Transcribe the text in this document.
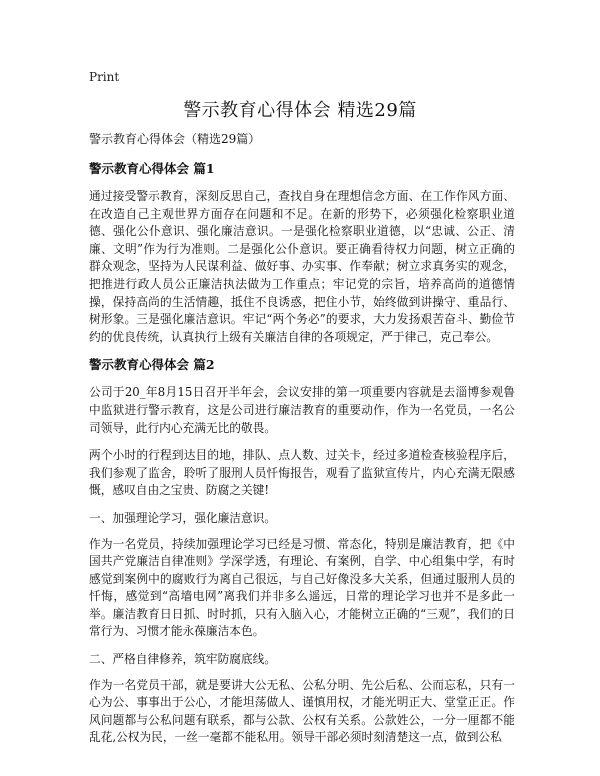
Print
警示教育心得体会 精选29篇

警示教育心得体会（精选29篇）

警示教育心得体会 篇1

通过接受警示教育，深刻反思自己，查找自身在理想信念方面、在工作作风方面、在改造自己主观世界方面存在问题和不足。在新的形势下，必须强化检察职业道德、强化公仆意识、强化廉洁意识。一是强化检察职业道德，以“忠诚、公正、清廉、文明”作为行为准则。二是强化公仆意识。要正确看待权力问题，树立正确的群众观念，坚持为人民谋利益、做好事、办实事、作奉献；树立求真务实的观念，把推进行政人员公正廉洁执法做为工作重点；牢记党的宗旨，培养高尚的道德情操，保持高尚的生活情趣，抵住不良诱惑，把住小节，始终做到讲操守、重品行、树形象。三是强化廉洁意识。牢记“两个务必”的要求，大力发扬艰苦奋斗、勤俭节约的优良传统，认真执行上级有关廉洁自律的各项规定，严于律己，克己奉公。

警示教育心得体会 篇2

公司于20_年8月15日召开半年会，会议安排的第一项重要内容就是去淄博参观鲁中监狱进行警示教育，这是公司进行廉洁教育的重要动作，作为一名党员，一名公司领导，此行内心充满无比的敬畏。

两个小时的行程到达目的地，排队、点人数、过关卡，经过多道检查核验程序后，我们参观了监舍，聆听了服刑人员忏悔报告，观看了监狱宣传片，内心充满无限感慨，感叹自由之宝贵、防腐之关键!

一、加强理论学习，强化廉洁意识。

作为一名党员，持续加强理论学习已经是习惯、常态化，特别是廉洁教育，把《中国共产党廉洁自律准则》学深学透，有理论、有案例，自学、中心组集中学，有时感觉到案例中的腐败行为离自己很远，与自己好像没多大关系，但通过服刑人员的忏悔，感觉到“高墙电网”离我们并非多么遥远，日常的理论学习也并不是多此一举。廉洁教育日日抓、时时抓，只有入脑入心，才能树立正确的“三观”，我们的日常行为、习惯才能永葆廉洁本色。

二、严格自律修养，筑牢防腐底线。

作为一名党员干部，就是要讲大公无私、公私分明、先公后私、公而忘私，只有一心为公、事事出于公心，才能坦荡做人、谨慎用权，才能光明正大、堂堂正正。作风问题都与公私问题有联系，都与公款、公权有关系。公款姓公，一分一厘都不能乱花,公权为民，一丝一毫都不能私用。领导干部必须时刻清楚这一点，做到公私
